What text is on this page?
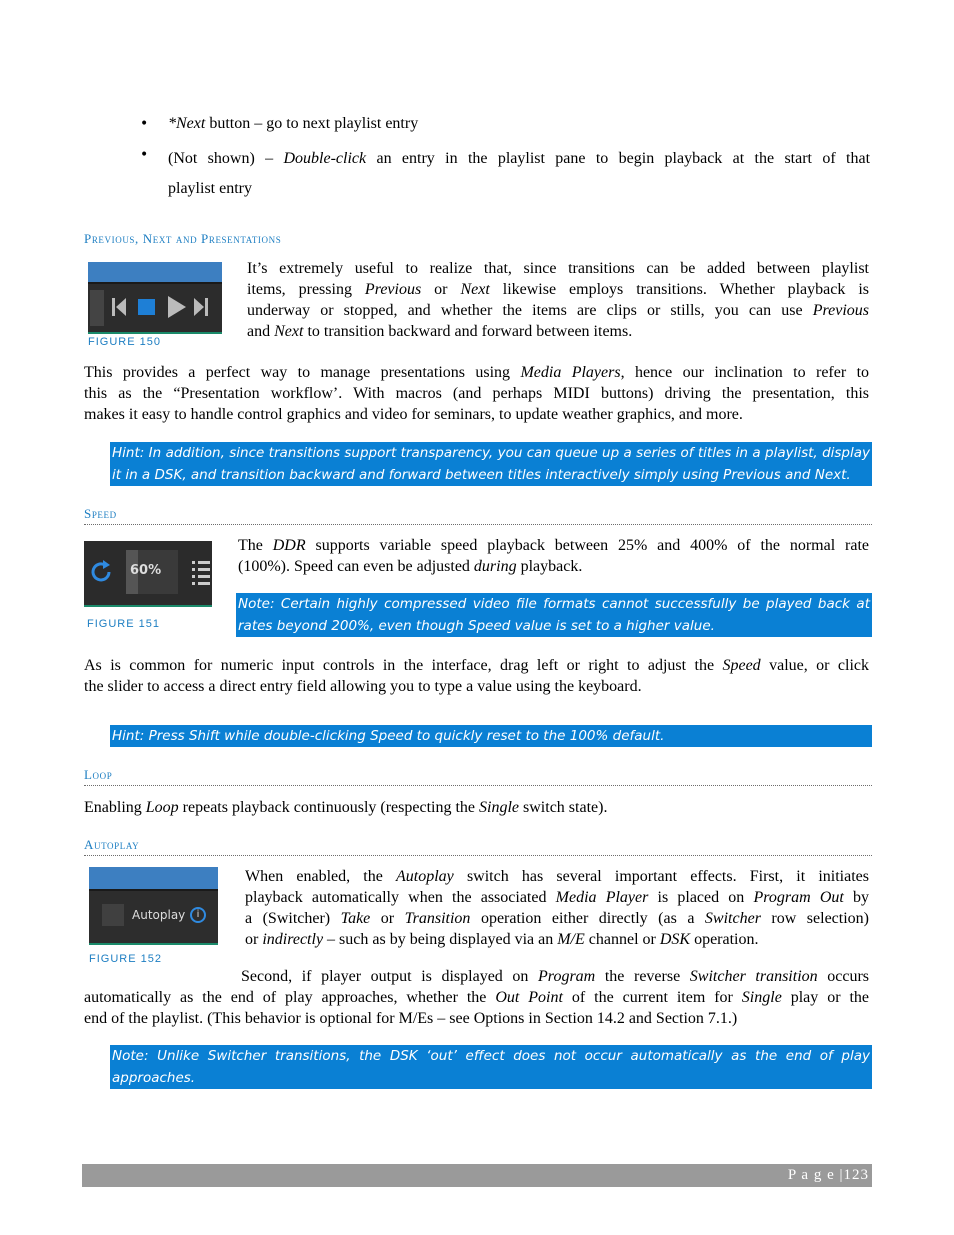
• *Next button – go to next playlist entry
• (Not shown) – Double-click an entry in the playlist pane to begin playback at the start of that
playlist entry
Previous, Next and Presentations
FIGURE 150
It’s extremely useful to realize that, since transitions can be added between playlist
items, pressing Previous or Next likewise employs transitions. Whether playback is
underway or stopped, and whether the items are clips or stills, you can use Previous
and Next to transition backward and forward between items.
This provides a perfect way to manage presentations using Media Players, hence our inclination to refer to
this as the “Presentation workflow’. With macros (and perhaps MIDI buttons) driving the presentation, this
makes it easy to handle control graphics and video for seminars, to update weather graphics, and more.
Hint: In addition, since transitions support transparency, you can queue up a series of titles in a playlist, display
it in a DSK, and transition backward and forward between titles interactively simply using Previous and Next.
Speed
60%
FIGURE 151
The DDR supports variable speed playback between 25% and 400% of the normal rate
(100%). Speed can even be adjusted during playback.
Note: Certain highly compressed video file formats cannot successfully be played back at
rates beyond 200%, even though Speed value is set to a higher value.
As is common for numeric input controls in the interface, drag left or right to adjust the Speed value, or click
the slider to access a direct entry field allowing you to type a value using the keyboard.
Hint: Press Shift while double-clicking Speed to quickly reset to the 100% default.
Loop
Enabling Loop repeats playback continuously (respecting the Single switch state).
Autoplay
Autoplay	i
FIGURE 152
When enabled, the Autoplay switch has several important effects. First, it initiates
playback automatically when the associated Media Player is placed on Program Out by
a (Switcher) Take or Transition operation either directly (as a Switcher row selection)
or indirectly – such as by being displayed via an M/E channel or DSK operation.
Second, if player output is displayed on Program the reverse Switcher transition occurs
automatically as the end of play approaches, whether the Out Point of the current item for Single play or the
end of the playlist. (This behavior is optional for M/Es – see Options in Section 14.2 and Section 7.1.)
Note: Unlike Switcher transitions, the DSK ‘out’ effect does not occur automatically as the end of play
approaches.
P a g e |123
